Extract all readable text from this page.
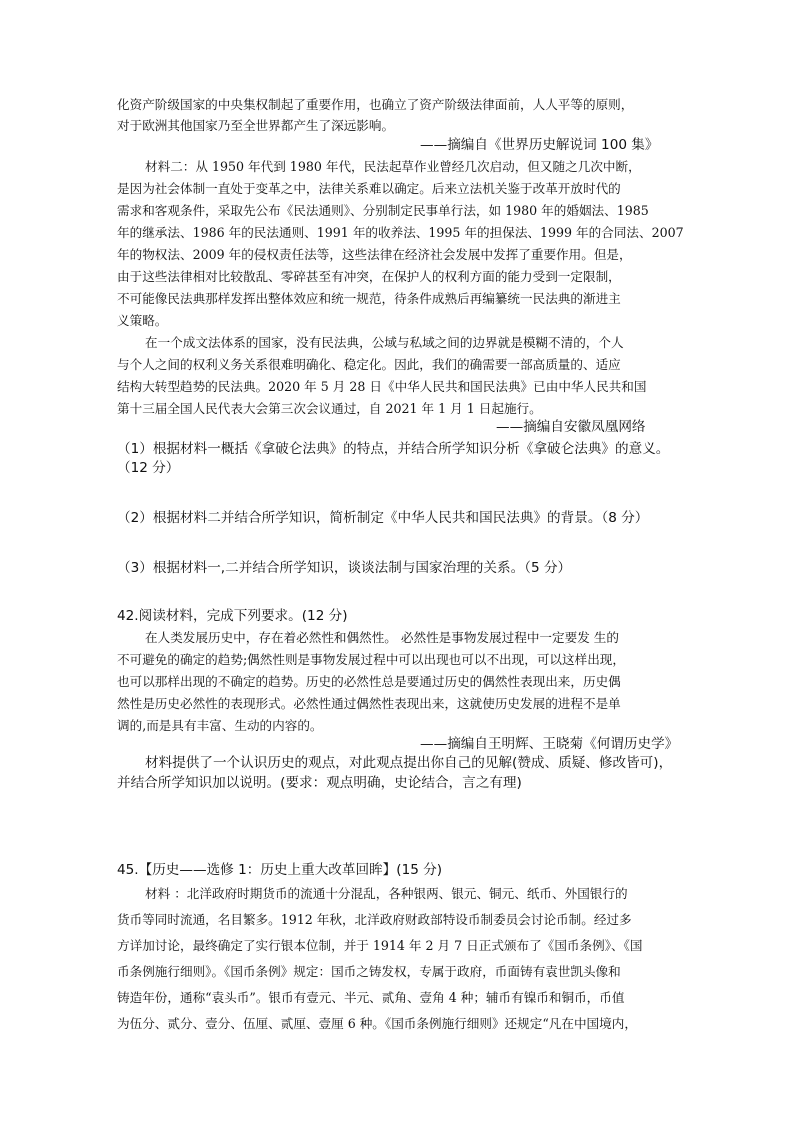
化资产阶级国家的中央集权制起了重要作用，也确立了资产阶级法律面前，人人平等的原则，
对于欧洲其他国家乃至全世界都产生了深远影响。
——摘编自《世界历史解说词 100 集》
材料二：从 1950 年代到 1980 年代，民法起草作业曾经几次启动，但又随之几次中断，
是因为社会体制一直处于变革之中，法律关系难以确定。后来立法机关鉴于改革开放时代的
需求和客观条件，采取先公布《民法通则》、分别制定民事单行法，如 1980 年的婚姻法、1985
年的继承法、1986 年的民法通则、1991 年的收养法、1995 年的担保法、1999 年的合同法、2007
年的物权法、2009 年的侵权责任法等，这些法律在经济社会发展中发挥了重要作用。但是，
由于这些法律相对比较散乱、零碎甚至有冲突，在保护人的权利方面的能力受到一定限制，
不可能像民法典那样发挥出整体效应和统一规范，待条件成熟后再编纂统一民法典的渐进主
义策略。
在一个成文法体系的国家，没有民法典，公域与私域之间的边界就是模糊不清的，个人
与个人之间的权利义务关系很难明确化、稳定化。因此，我们的确需要一部高质量的、适应
结构大转型趋势的民法典。2020 年 5 月 28 日《中华人民共和国民法典》已由中华人民共和国
第十三届全国人民代表大会第三次会议通过，自 2021 年 1 月 1 日起施行。
——摘编自安徽凤凰网络
（1）根据材料一概括《拿破仑法典》的特点，并结合所学知识分析《拿破仑法典》的意义。
（12 分）
（2）根据材料二并结合所学知识，简析制定《中华人民共和国民法典》的背景。（8 分）
（3）根据材料一,二并结合所学知识，谈谈法制与国家治理的关系。（5 分）
42.阅读材料，完成下列要求。(12 分)
在人类发展历史中，存在着必然性和偶然性。 必然性是事物发展过程中一定要发 生的
不可避免的确定的趋势;偶然性则是事物发展过程中可以出现也可以不出现，可以这样出现，
也可以那样出现的不确定的趋势。历史的必然性总是要通过历史的偶然性表现出来，历史偶
然性是历史必然性的表现形式。必然性通过偶然性表现出来，这就使历史发展的进程不是单
调的,而是具有丰富、生动的内容的。
——摘编自王明辉、王晓菊《何谓历史学》
材料提供了一个认识历史的观点，对此观点提出你自己的见解(赞成、质疑、修改皆可)，
并结合所学知识加以说明。(要求：观点明确，史论结合，言之有理)
45.【历史——选修 1：历史上重大改革回眸】(15 分)
材料 ：北洋政府时期货币的流通十分混乱，各种银两、银元、铜元、纸币、外国银行的
货币等同时流通，名目繁多。1912 年秋，北洋政府财政部特设币制委员会讨论币制。经过多
方详加讨论，最终确定了实行银本位制，并于 1914 年 2 月 7 日正式颁布了《国币条例》、《国
币条例施行细则》。《国币条例》规定：国币之铸发权，专属于政府，币面铸有袁世凯头像和
铸造年份，通称“袁头币”。银币有壹元、半元、贰角、壹角 4 种；辅币有镍币和铜币，币值
为伍分、贰分、壹分、伍厘、贰厘、壹厘 6 种。《国币条例施行细则》还规定“凡在中国境内，
